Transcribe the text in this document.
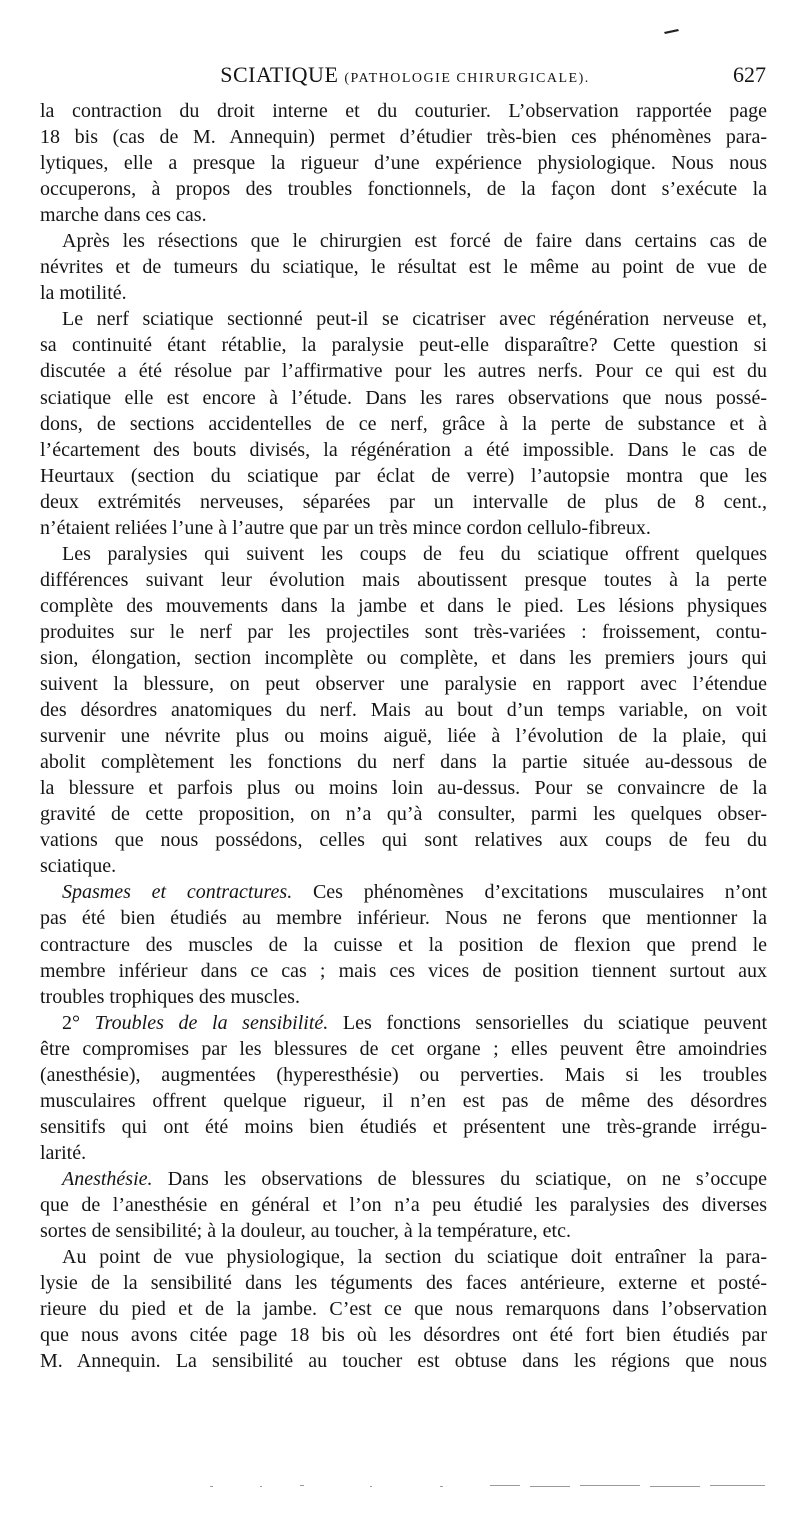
SCIATIQUE (PATHOLOGIE CHIRURGICALE).	627
la contraction du droit interne et du couturier. L’observation rapportée page
18 bis (cas de M. Annequin) permet d’étudier très-bien ces phénomènes para-
lytiques, elle a presque la rigueur d’une expérience physiologique. Nous nous
occuperons, à propos des troubles fonctionnels, de la façon dont s’exécute la
marche dans ces cas.
Après les résections que le chirurgien est forcé de faire dans certains cas de
névrites et de tumeurs du sciatique, le résultat est le même au point de vue de
la motilité.
Le nerf sciatique sectionné peut-il se cicatriser avec régénération nerveuse et,
sa continuité étant rétablie, la paralysie peut-elle disparaître? Cette question si
discutée a été résolue par l’affirmative pour les autres nerfs. Pour ce qui est du
sciatique elle est encore à l’étude. Dans les rares observations que nous possé-
dons, de sections accidentelles de ce nerf, grâce à la perte de substance et à
l’écartement des bouts divisés, la régénération a été impossible. Dans le cas de
Heurtaux (section du sciatique par éclat de verre) l’autopsie montra que les
deux extrémités nerveuses, séparées par un intervalle de plus de 8 cent.,
n’étaient reliées l’une à l’autre que par un très mince cordon cellulo-fibreux.
Les paralysies qui suivent les coups de feu du sciatique offrent quelques
différences suivant leur évolution mais aboutissent presque toutes à la perte
complète des mouvements dans la jambe et dans le pied. Les lésions physiques
produites sur le nerf par les projectiles sont très-variées : froissement, contu-
sion, élongation, section incomplète ou complète, et dans les premiers jours qui
suivent la blessure, on peut observer une paralysie en rapport avec l’étendue
des désordres anatomiques du nerf. Mais au bout d’un temps variable, on voit
survenir une névrite plus ou moins aiguë, liée à l’évolution de la plaie, qui
abolit complètement les fonctions du nerf dans la partie située au-dessous de
la blessure et parfois plus ou moins loin au-dessus. Pour se convaincre de la
gravité de cette proposition, on n’a qu’à consulter, parmi les quelques obser-
vations que nous possédons, celles qui sont relatives aux coups de feu du
sciatique.
Spasmes et contractures. Ces phénomènes d’excitations musculaires n’ont
pas été bien étudiés au membre inférieur. Nous ne ferons que mentionner la
contracture des muscles de la cuisse et la position de flexion que prend le
membre inférieur dans ce cas ; mais ces vices de position tiennent surtout aux
troubles trophiques des muscles.
2° Troubles de la sensibilité. Les fonctions sensorielles du sciatique peuvent
être compromises par les blessures de cet organe ; elles peuvent être amoindries
(anesthésie), augmentées (hyperesthésie) ou perverties. Mais si les troubles
musculaires offrent quelque rigueur, il n’en est pas de même des désordres
sensitifs qui ont été moins bien étudiés et présentent une très-grande irrégu-
larité.
Anesthésie. Dans les observations de blessures du sciatique, on ne s’occupe
que de l’anesthésie en général et l’on n’a peu étudié les paralysies des diverses
sortes de sensibilité; à la douleur, au toucher, à la température, etc.
Au point de vue physiologique, la section du sciatique doit entraîner la para-
lysie de la sensibilité dans les téguments des faces antérieure, externe et posté-
rieure du pied et de la jambe. C’est ce que nous remarquons dans l’observation
que nous avons citée page 18 bis où les désordres ont été fort bien étudiés par
M. Annequin. La sensibilité au toucher est obtuse dans les régions que nous
